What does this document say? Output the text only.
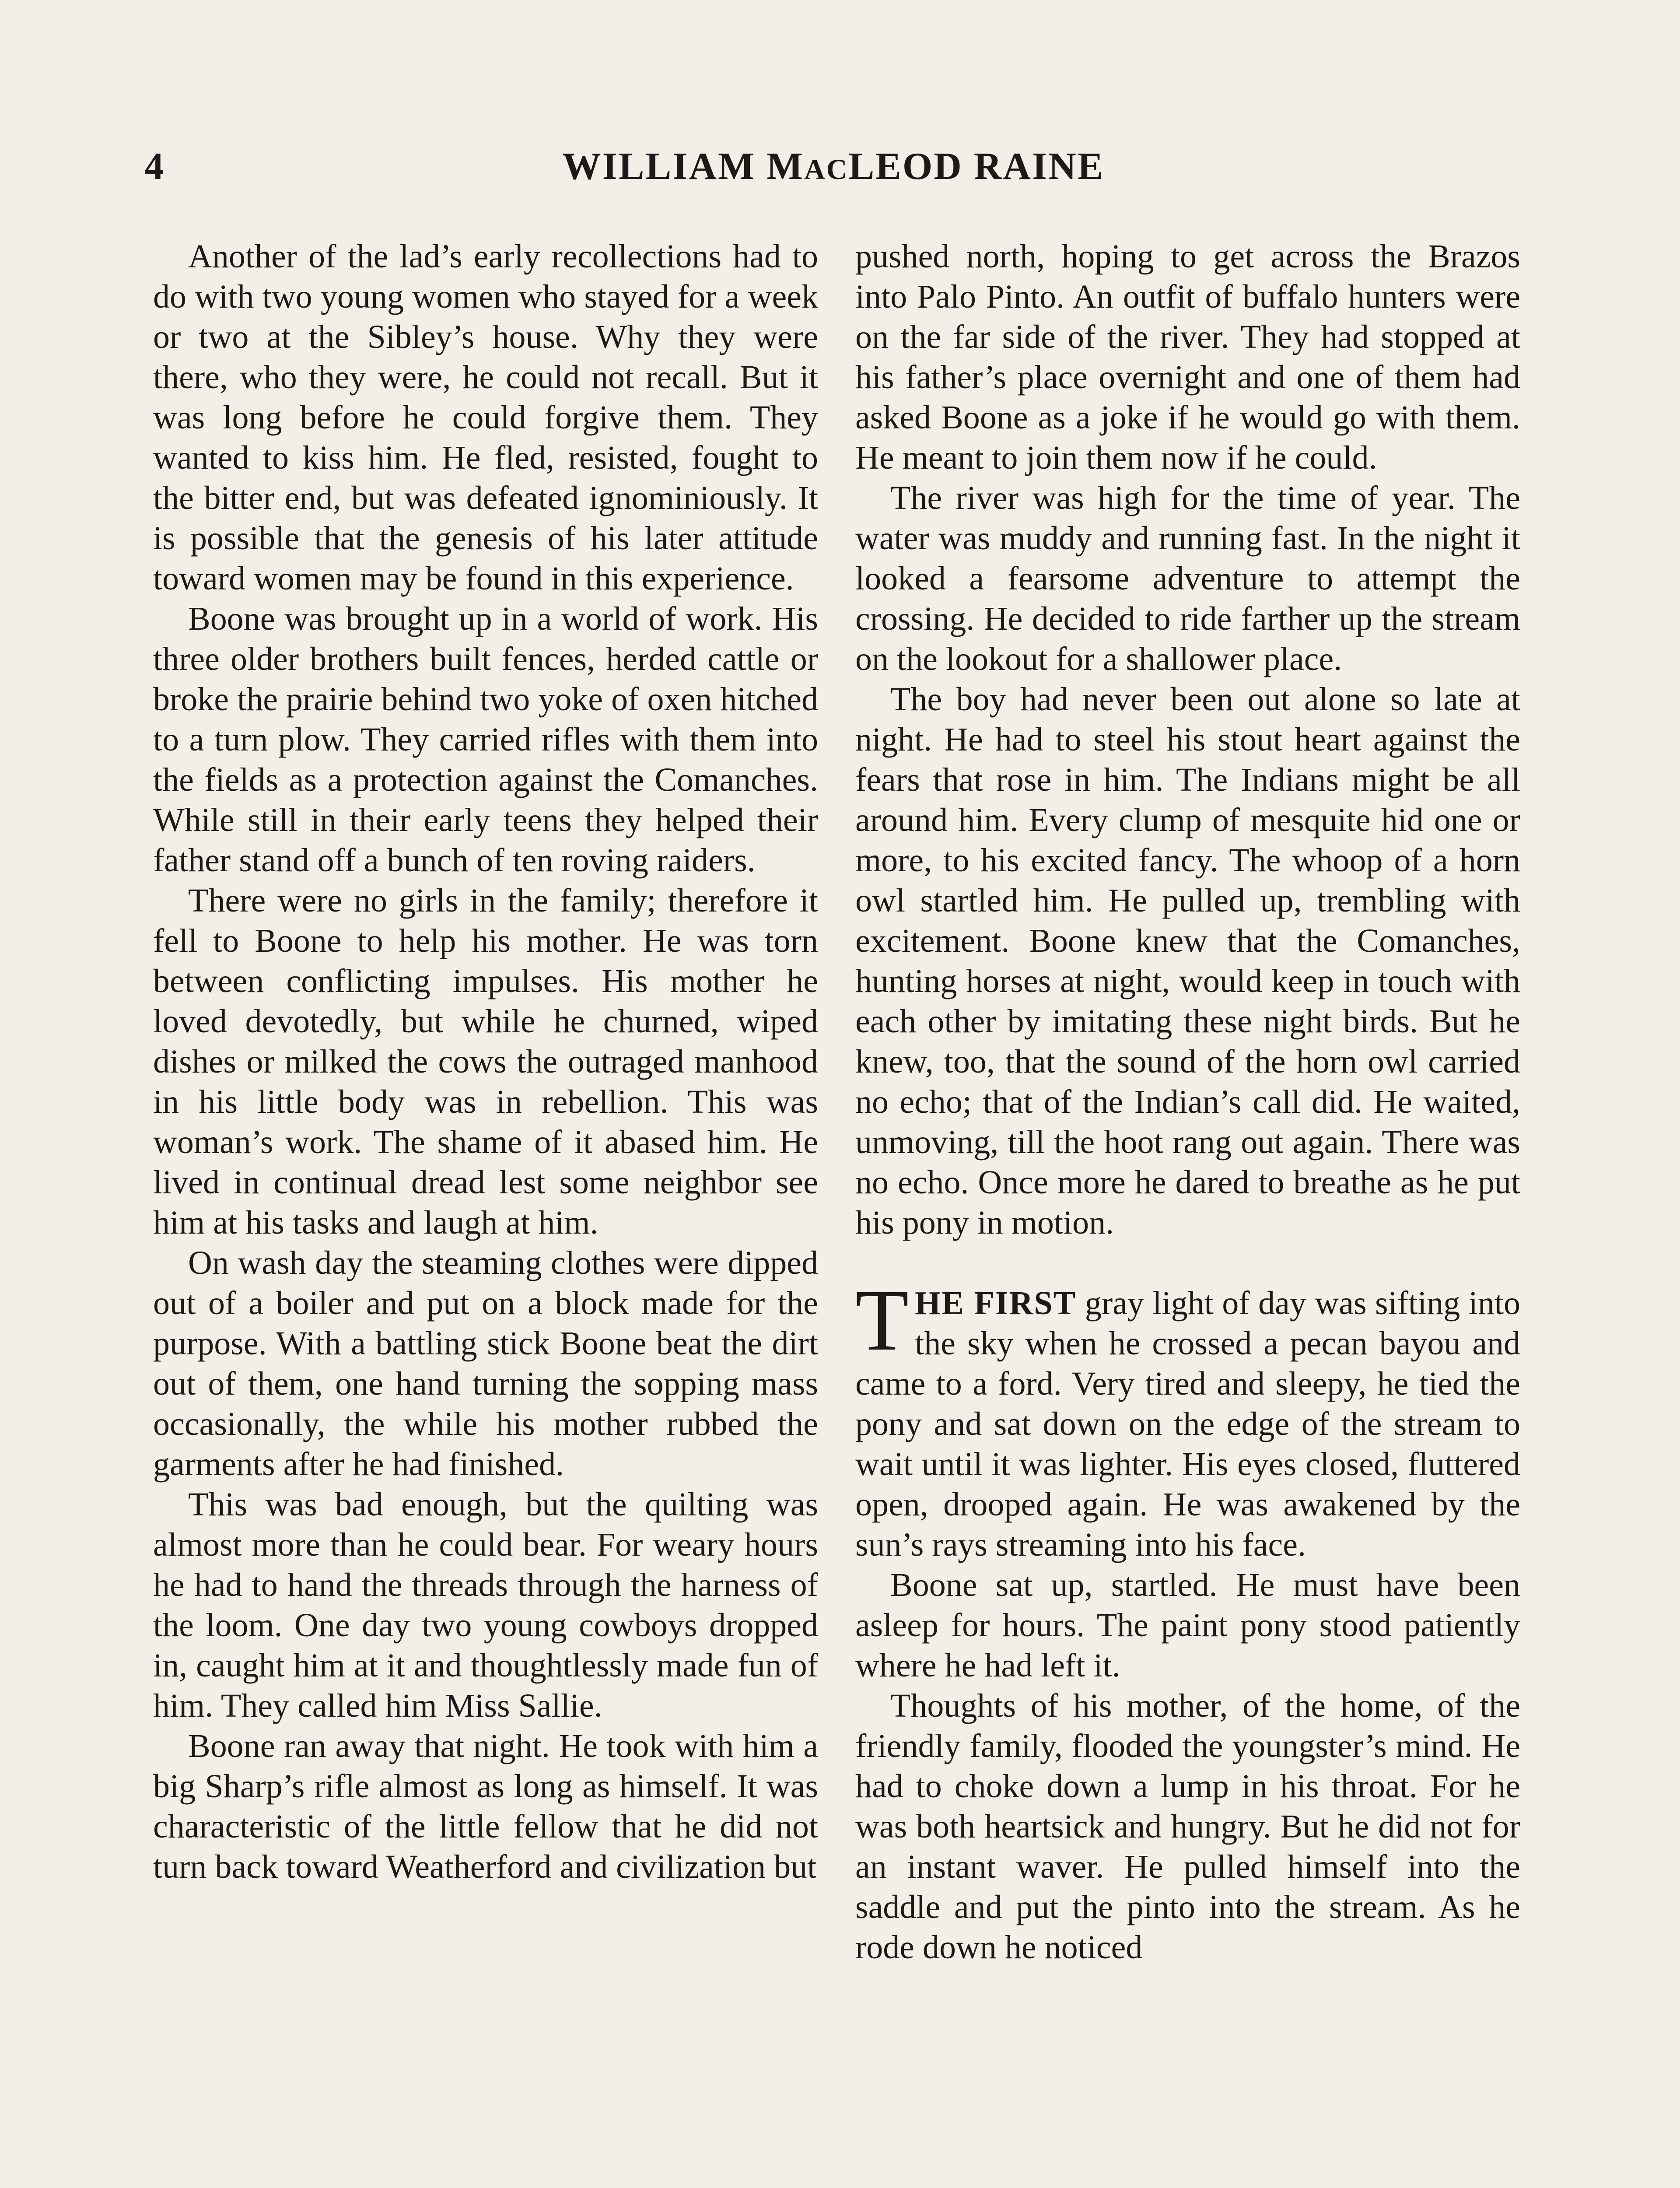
4	WILLIAM MACLEOD RAINE

Another of the lad’s early recollections had to do with two young women who stayed for a week or two at the Sibley’s house. Why they were there, who they were, he could not recall. But it was long before he could forgive them. They wanted to kiss him. He fled, resisted, fought to the bitter end, but was defeated ignominiously. It is possible that the genesis of his later attitude toward women may be found in this experience.

Boone was brought up in a world of work. His three older brothers built fences, herded cattle or broke the prairie behind two yoke of oxen hitched to a turn plow. They carried rifles with them into the fields as a protection against the Comanches. While still in their early teens they helped their father stand off a bunch of ten roving raiders.

There were no girls in the family; therefore it fell to Boone to help his mother. He was torn between conflicting impulses. His mother he loved devotedly, but while he churned, wiped dishes or milked the cows the outraged manhood in his little body was in rebellion. This was woman’s work. The shame of it abased him. He lived in continual dread lest some neighbor see him at his tasks and laugh at him.

On wash day the steaming clothes were dipped out of a boiler and put on a block made for the purpose. With a battling stick Boone beat the dirt out of them, one hand turning the sopping mass occasionally, the while his mother rubbed the garments after he had finished.

This was bad enough, but the quilting was almost more than he could bear. For weary hours he had to hand the threads through the harness of the loom. One day two young cowboys dropped in, caught him at it and thoughtlessly made fun of him. They called him Miss Sallie.

Boone ran away that night. He took with him a big Sharp’s rifle almost as long as himself. It was characteristic of the little fellow that he did not turn back toward Weatherford and civilization but

pushed north, hoping to get across the Brazos into Palo Pinto. An outfit of buffalo hunters were on the far side of the river. They had stopped at his father’s place overnight and one of them had asked Boone as a joke if he would go with them. He meant to join them now if he could.

The river was high for the time of year. The water was muddy and running fast. In the night it looked a fearsome adventure to attempt the crossing. He decided to ride farther up the stream on the lookout for a shallower place.

The boy had never been out alone so late at night. He had to steel his stout heart against the fears that rose in him. The Indians might be all around him. Every clump of mesquite hid one or more, to his excited fancy. The whoop of a horn owl startled him. He pulled up, trembling with excitement. Boone knew that the Comanches, hunting horses at night, would keep in touch with each other by imitating these night birds. But he knew, too, that the sound of the horn owl carried no echo; that of the Indian’s call did. He waited, unmoving, till the hoot rang out again. There was no echo. Once more he dared to breathe as he put his pony in motion.

THE FIRST gray light of day was sifting into the sky when he crossed a pecan bayou and came to a ford. Very tired and sleepy, he tied the pony and sat down on the edge of the stream to wait until it was lighter. His eyes closed, fluttered open, drooped again. He was awakened by the sun’s rays streaming into his face.

Boone sat up, startled. He must have been asleep for hours. The paint pony stood patiently where he had left it.

Thoughts of his mother, of the home, of the friendly family, flooded the youngster’s mind. He had to choke down a lump in his throat. For he was both heartsick and hungry. But he did not for an instant waver. He pulled himself into the saddle and put the pinto into the stream. As he rode down he noticed
